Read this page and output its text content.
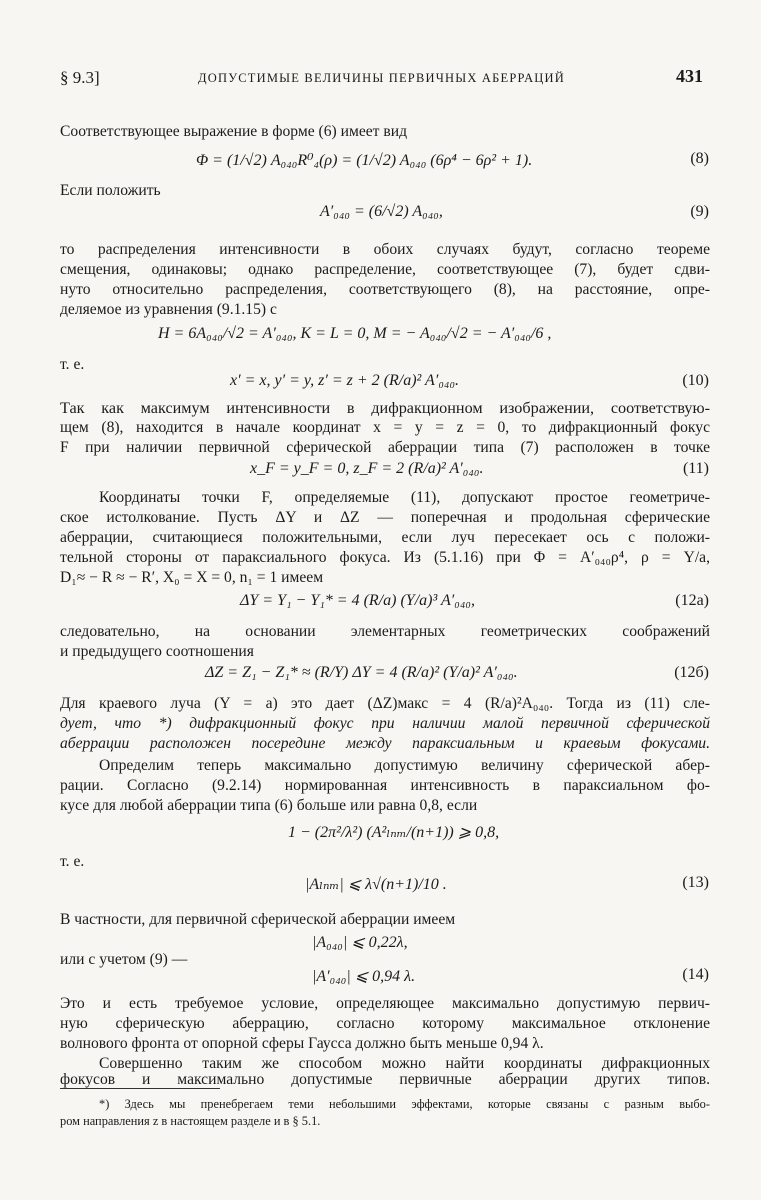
§ 9.3]	ДОПУСТИМЫЕ ВЕЛИЧИНЫ ПЕРВИЧНЫХ АБЕРРАЦИЙ	431
Соответствующее выражение в форме (6) имеет вид
Φ = (1/√2) A₀₄₀R⁰₄(ρ) = (1/√2) A₀₄₀ (6ρ⁴ − 6ρ² + 1).	(8)
Если положить
A′₀₄₀ = (6/√2) A₀₄₀,	(9)
то распределения интенсивности в обоих случаях будут, согласно теореме
смещения, одинаковы; однако распределение, соответствующее (7), будет сдви-
нуто относительно распределения, соответствующего (8), на расстояние, опре-
деляемое из уравнения (9.1.15) с
H = 6A₀₄₀/√2 = A′₀₄₀, K = L = 0, M = − A₀₄₀/√2 = − A′₀₄₀/6 ,
т. е.
x′ = x, y′ = y, z′ = z + 2 (R/a)² A′₀₄₀.	(10)
Так как максимум интенсивности в дифракционном изображении, соответствую-
щем (8), находится в начале координат x = y = z = 0, то дифракционный фокус
F при наличии первичной сферической аберрации типа (7) расположен в точке
x_F = y_F = 0, z_F = 2 (R/a)² A′₀₄₀.	(11)
Координаты точки F, определяемые (11), допускают простое геометриче-
ское истолкование. Пусть ΔY и ΔZ — поперечная и продольная сферические
аберрации, считающиеся положительными, если луч пересекает ось с положи-
тельной стороны от параксиального фокуса. Из (5.1.16) при Φ = A′₀₄₀ρ⁴, ρ = Y/a,
D₁≈ − R ≈ − R′, X₀ = X = 0, n₁ = 1 имеем
ΔY = Y₁ − Y₁* = 4 (R/a) (Y/a)³ A′₀₄₀,	(12а)
следовательно, на основании элементарных геометрических соображений
и предыдущего соотношения
ΔZ = Z₁ − Z₁* ≈ (R/Y) ΔY = 4 (R/a)² (Y/a)² A′₀₄₀.	(12б)
Для краевого луча (Y = a) это дает (ΔZ)макс = 4 (R/a)²A₀₄₀. Тогда из (11) сле-
дует, что *) дифракционный фокус при наличии малой первичной сферической
аберрации расположен посередине между параксиальным и краевым фокусами.
Определим теперь максимально допустимую величину сферической абер-
рации. Согласно (9.2.14) нормированная интенсивность в параксиальном фо-
кусе для любой аберрации типа (6) больше или равна 0,8, если
1 − (2π²/λ²) (A²ₗₙₘ/(n+1)) ⩾ 0,8,
т. е.
|Aₗₙₘ| ⩽ λ√(n+1)/10 .	(13)
В частности, для первичной сферической аберрации имеем
|A₀₄₀| ⩽ 0,22λ,
или с учетом (9) —
|A′₀₄₀| ⩽ 0,94 λ.	(14)
Это и есть требуемое условие, определяющее максимально допустимую первич-
ную сферическую аберрацию, согласно которому максимальное отклонение
волнового фронта от опорной сферы Гаусса должно быть меньше 0,94 λ.
Совершенно таким же способом можно найти координаты дифракционных
фокусов и максимально допустимые первичные аберрации других типов.
*) Здесь мы пренебрегаем теми небольшими эффектами, которые связаны с разным выбо-
ром направления z в настоящем разделе и в § 5.1.
